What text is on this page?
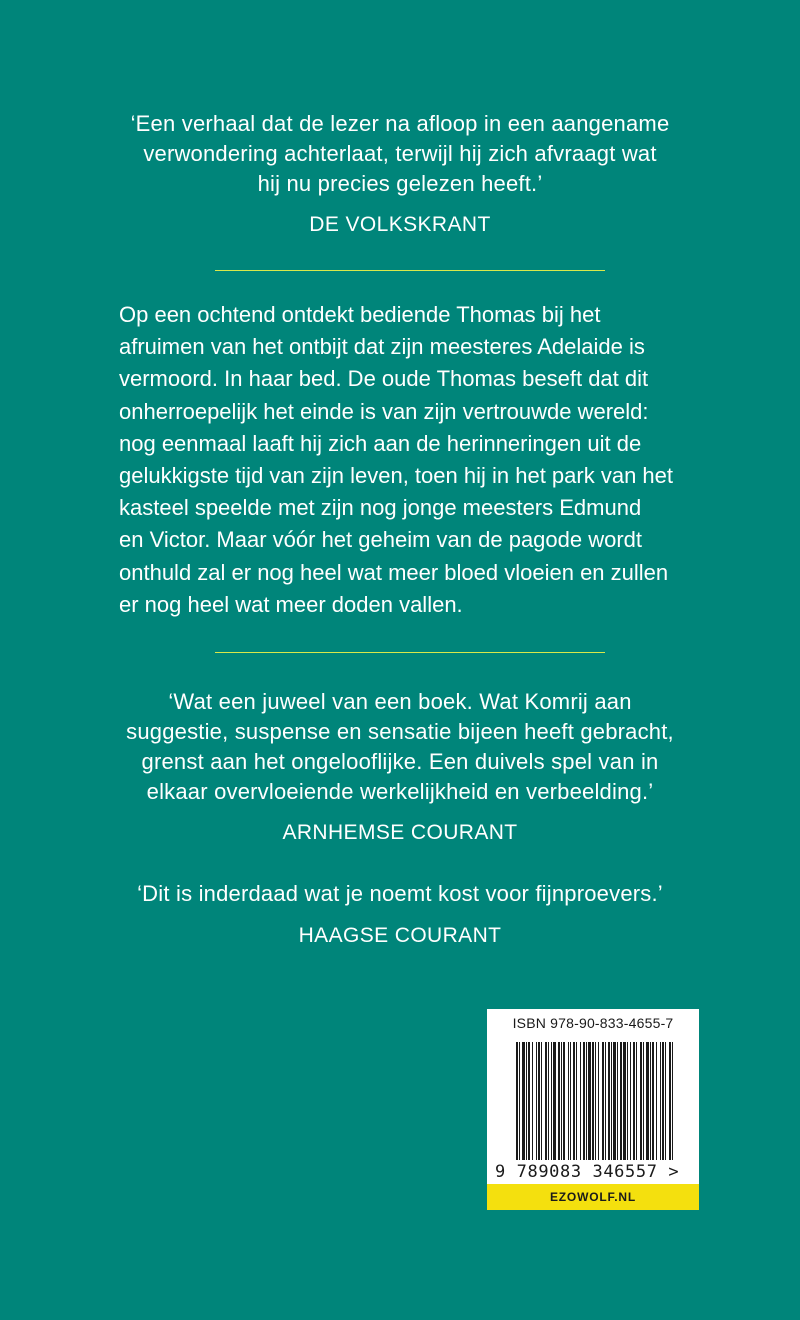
‘Een verhaal dat de lezer na afloop in een aangename
verwondering achterlaat, terwijl hij zich afvraagt wat
hij nu precies gelezen heeft.’

DE VOLKSKRANT

Op een ochtend ontdekt bediende Thomas bij het
afruimen van het ontbijt dat zijn meesteres Adelaide is
vermoord. In haar bed. De oude Thomas beseft dat dit
onherroepelijk het einde is van zijn vertrouwde wereld:
nog eenmaal laaft hij zich aan de herinneringen uit de
gelukkigste tijd van zijn leven, toen hij in het park van het
kasteel speelde met zijn nog jonge meesters Edmund
en Victor. Maar vóór het geheim van de pagode wordt
onthuld zal er nog heel wat meer bloed vloeien en zullen
er nog heel wat meer doden vallen.

‘Wat een juweel van een boek. Wat Komrij aan
suggestie, suspense en sensatie bijeen heeft gebracht,
grenst aan het ongelooflijke. Een duivels spel van in
elkaar overvloeiende werkelijkheid en verbeelding.’

ARNHEMSE COURANT

‘Dit is inderdaad wat je noemt kost voor fijnproevers.’

HAAGSE COURANT

ISBN 978-90-833-4655-7
9 789083 346557 >
EZOWOLF.NL
